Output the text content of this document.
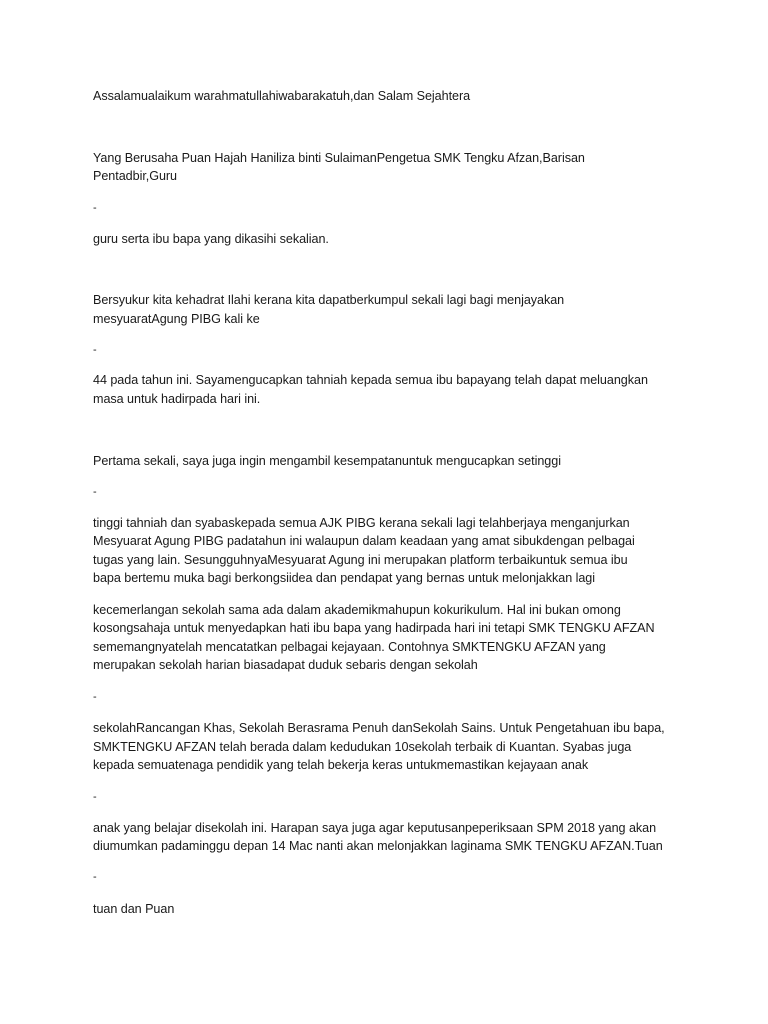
Assalamualaikum warahmatullahiwabarakatuh,dan Salam Sejahtera
Yang Berusaha Puan Hajah Haniliza binti SulaimanPengetua SMK Tengku Afzan,Barisan
Pentadbir,Guru
-
guru serta ibu bapa yang dikasihi sekalian.
Bersyukur kita kehadrat Ilahi kerana kita dapatberkumpul sekali lagi bagi menjayakan
mesyuaratAgung PIBG kali ke
-
44 pada tahun ini. Sayamengucapkan tahniah kepada semua ibu bapayang telah dapat meluangkan
masa untuk hadirpada hari ini.
Pertama sekali, saya juga ingin mengambil kesempatanuntuk mengucapkan setinggi
-
tinggi tahniah dan syabaskepada semua AJK PIBG kerana sekali lagi telahberjaya menganjurkan
Mesyuarat Agung PIBG padatahun ini walaupun dalam keadaan yang amat sibukdengan pelbagai
tugas yang lain. SesungguhnyaMesyuarat Agung ini merupakan platform terbaikuntuk semua ibu
bapa bertemu muka bagi berkongsiidea dan pendapat yang bernas untuk melonjakkan lagi
kecemerlangan sekolah sama ada dalam akademikmahupun kokurikulum. Hal ini bukan omong
kosongsahaja untuk menyedapkan hati ibu bapa yang hadirpada hari ini tetapi SMK TENGKU AFZAN
sememangnyatelah mencatatkan pelbagai kejayaan. Contohnya SMKTENGKU AFZAN yang
merupakan sekolah harian biasadapat duduk sebaris dengan sekolah
-
sekolahRancangan Khas, Sekolah Berasrama Penuh danSekolah Sains. Untuk Pengetahuan ibu bapa,
SMKTENGKU AFZAN telah berada dalam kedudukan 10sekolah terbaik di Kuantan. Syabas juga
kepada semuatenaga pendidik yang telah bekerja keras untukmemastikan kejayaan anak
-
anak yang belajar disekolah ini. Harapan saya juga agar keputusanpeperiksaan SPM 2018 yang akan
diumumkan padaminggu depan 14 Mac nanti akan melonjakkan laginama SMK TENGKU AFZAN.Tuan
-
tuan dan Puan
